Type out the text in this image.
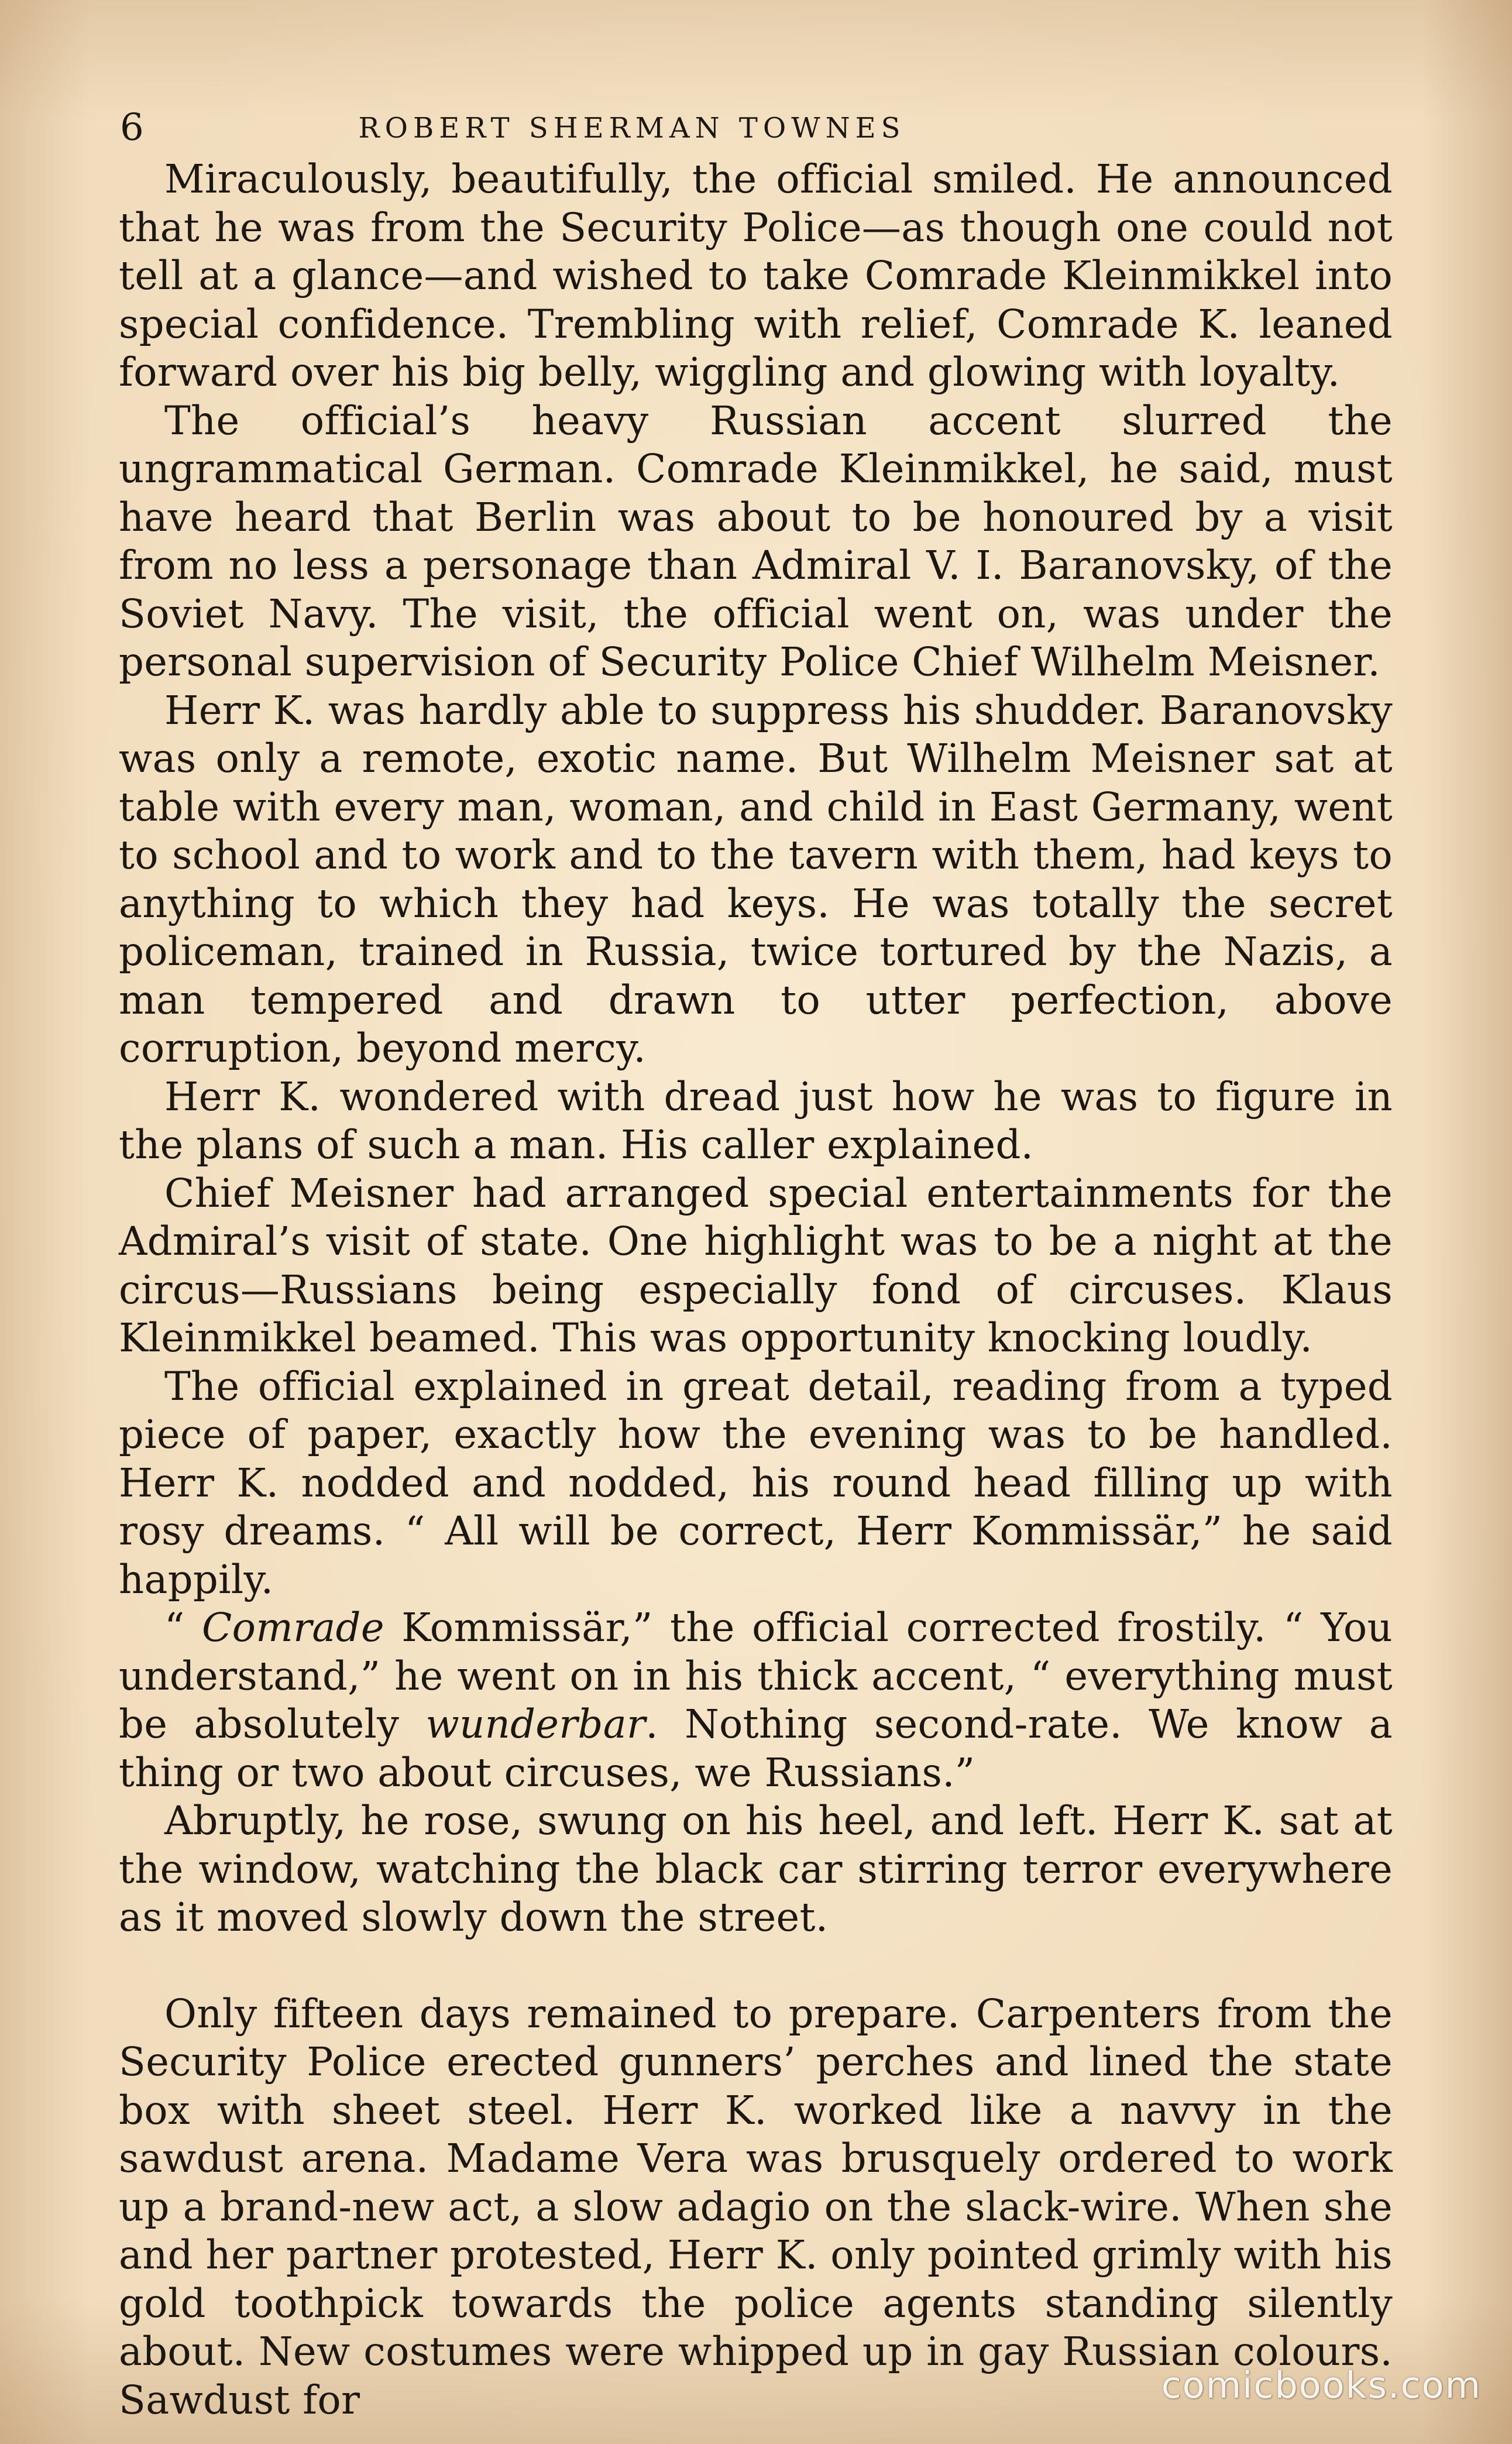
6	ROBERT SHERMAN TOWNES

Miraculously, beautifully, the official smiled. He announced that he was from the Security Police—as though one could not tell at a glance—and wished to take Comrade Kleinmikkel into special confidence. Trembling with relief, Comrade K. leaned forward over his big belly, wiggling and glowing with loyalty.

The official’s heavy Russian accent slurred the ungrammatical German. Comrade Kleinmikkel, he said, must have heard that Berlin was about to be honoured by a visit from no less a personage than Admiral V. I. Baranovsky, of the Soviet Navy. The visit, the official went on, was under the personal supervision of Security Police Chief Wilhelm Meisner.

Herr K. was hardly able to suppress his shudder. Baranovsky was only a remote, exotic name. But Wilhelm Meisner sat at table with every man, woman, and child in East Germany, went to school and to work and to the tavern with them, had keys to anything to which they had keys. He was totally the secret policeman, trained in Russia, twice tortured by the Nazis, a man tempered and drawn to utter perfection, above corruption, beyond mercy.

Herr K. wondered with dread just how he was to figure in the plans of such a man. His caller explained.

Chief Meisner had arranged special entertainments for the Admiral’s visit of state. One highlight was to be a night at the circus—Russians being especially fond of circuses. Klaus Kleinmikkel beamed. This was opportunity knocking loudly.

The official explained in great detail, reading from a typed piece of paper, exactly how the evening was to be handled. Herr K. nodded and nodded, his round head filling up with rosy dreams. “ All will be correct, Herr Kommissär,” he said happily.

“ Comrade Kommissär,” the official corrected frostily. “ You understand,” he went on in his thick accent, “ everything must be absolutely wunderbar. Nothing second-rate. We know a thing or two about circuses, we Russians.”

Abruptly, he rose, swung on his heel, and left. Herr K. sat at the window, watching the black car stirring terror everywhere as it moved slowly down the street.

Only fifteen days remained to prepare. Carpenters from the Security Police erected gunners’ perches and lined the state box with sheet steel. Herr K. worked like a navvy in the sawdust arena. Madame Vera was brusquely ordered to work up a brand-new act, a slow adagio on the slack-wire. When she and her partner protested, Herr K. only pointed grimly with his gold toothpick towards the police agents standing silently about. New costumes were whipped up in gay Russian colours. Sawdust for	comicbooks.com
